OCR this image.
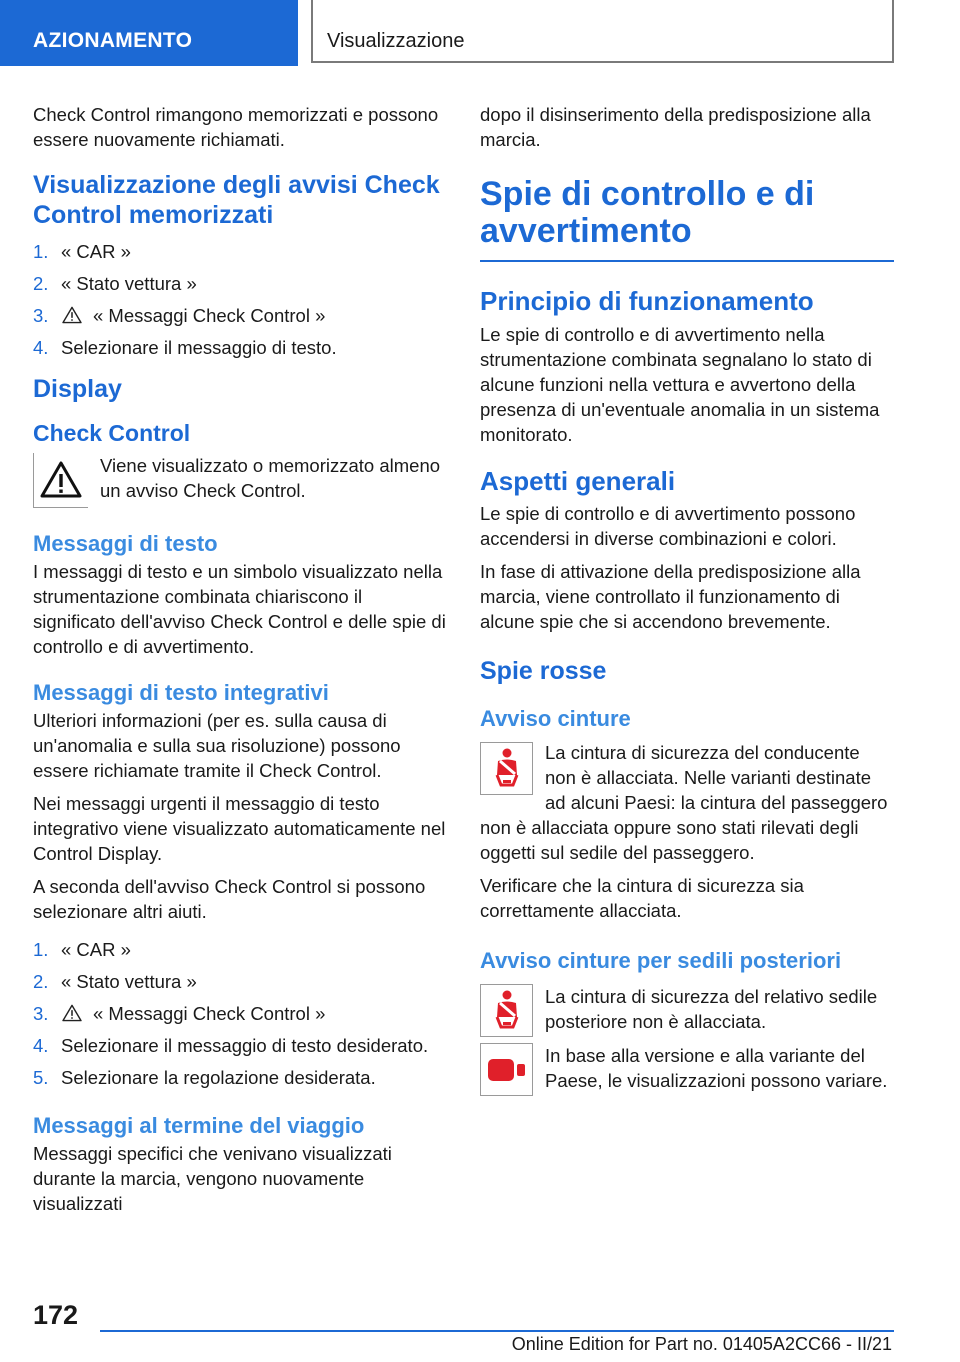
AZIONAMENTO	Visualizzazione

Check Control rimangono memorizzati e possono essere nuovamente richiamati.

Visualizzazione degli avvisi Check Control memorizzati
1. « CAR »
2. « Stato vettura »
3. « Messaggi Check Control »
4. Selezionare il messaggio di testo.
Display
Check Control

Viene visualizzato o memorizzato almeno un avviso Check Control.

Messaggi di testo

I messaggi di testo e un simbolo visualizzato nella strumentazione combinata chiariscono il significato dell'avviso Check Control e delle spie di controllo e di avvertimento.

Messaggi di testo integrativi

Ulteriori informazioni (per es. sulla causa di un'anomalia e sulla sua risoluzione) possono essere richiamate tramite il Check Control.

Nei messaggi urgenti il messaggio di testo integrativo viene visualizzato automaticamente nel Control Display.

A seconda dell'avviso Check Control si possono selezionare altri aiuti.

1. « CAR »
2. « Stato vettura »
3. « Messaggi Check Control »
4. Selezionare il messaggio di testo desiderato.
5. Selezionare la regolazione desiderata.
Messaggi al termine del viaggio

Messaggi specifici che venivano visualizzati durante la marcia, vengono nuovamente visualizzati

dopo il disinserimento della predisposizione alla marcia.

Spie di controllo e di avvertimento
Principio di funzionamento

Le spie di controllo e di avvertimento nella strumentazione combinata segnalano lo stato di alcune funzioni nella vettura e avvertono della presenza di un'eventuale anomalia in un sistema monitorato.

Aspetti generali

Le spie di controllo e di avvertimento possono accendersi in diverse combinazioni e colori.

In fase di attivazione della predisposizione alla marcia, viene controllato il funzionamento di alcune spie che si accendono brevemente.

Spie rosse
Avviso cinture

La cintura di sicurezza del conducente non è allacciata. Nelle varianti destinate ad alcuni Paesi: la cintura del passeggero non è allacciata oppure sono stati rilevati degli oggetti sul sedile del passeggero.

Verificare che la cintura di sicurezza sia correttamente allacciata.

Avviso cinture per sedili posteriori

La cintura di sicurezza del relativo sedile posteriore non è allacciata.

In base alla versione e alla variante del Paese, le visualizzazioni possono variare.

172
Online Edition for Part no. 01405A2CC66 - II/21
